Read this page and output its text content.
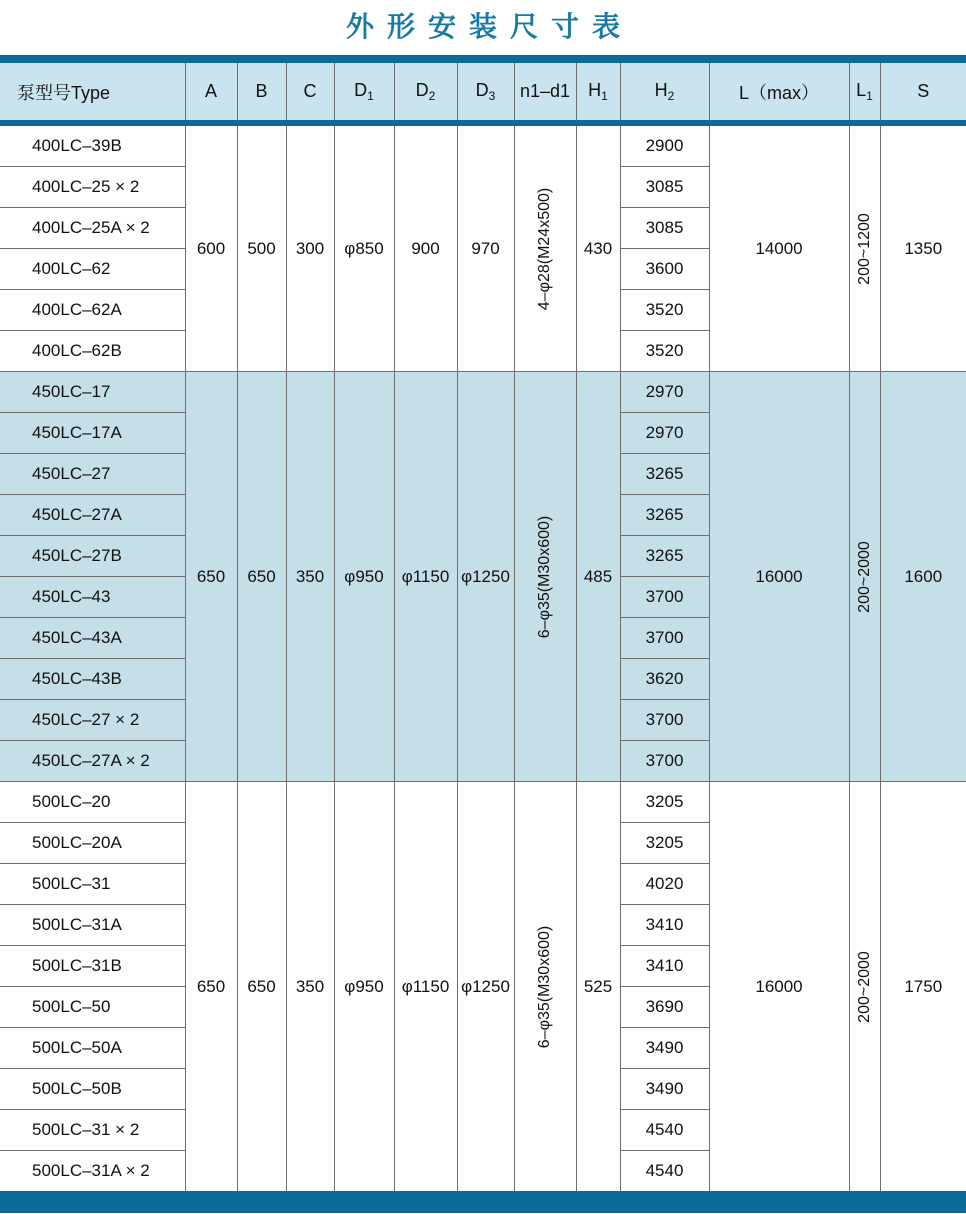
外形安装尺寸表

泵型号Type	A	B	C	$D_1$	$D_2$	$D_3$	n1–d1	$H_1$	$H_2$	L（max）	$L_1$	S

400LC–39B	600	500	300	φ850	900	970	4–φ28(M24x500)	430	2900	14000	200~1200	1350
400LC–25 × 2									3085			
400LC–25A × 2									3085			
400LC–62									3600			
400LC–62A									3520			
400LC–62B									3520			
450LC–17	650	650	350	φ950	φ1150	φ1250	6–φ35(M30x600)	485	2970	16000	200~2000	1600
450LC–17A									2970			
450LC–27									3265			
450LC–27A									3265			
450LC–27B									3265			
450LC–43									3700			
450LC–43A									3700			
450LC–43B									3620			
450LC–27 × 2									3700			
450LC–27A × 2									3700			
500LC–20	650	650	350	φ950	φ1150	φ1250	6–φ35(M30x600)	525	3205	16000	200~2000	1750
500LC–20A									3205			
500LC–31									4020			
500LC–31A									3410			
500LC–31B									3410			
500LC–50									3690			
500LC–50A									3490			
500LC–50B									3490			
500LC–31 × 2									4540			
500LC–31A × 2									4540			
